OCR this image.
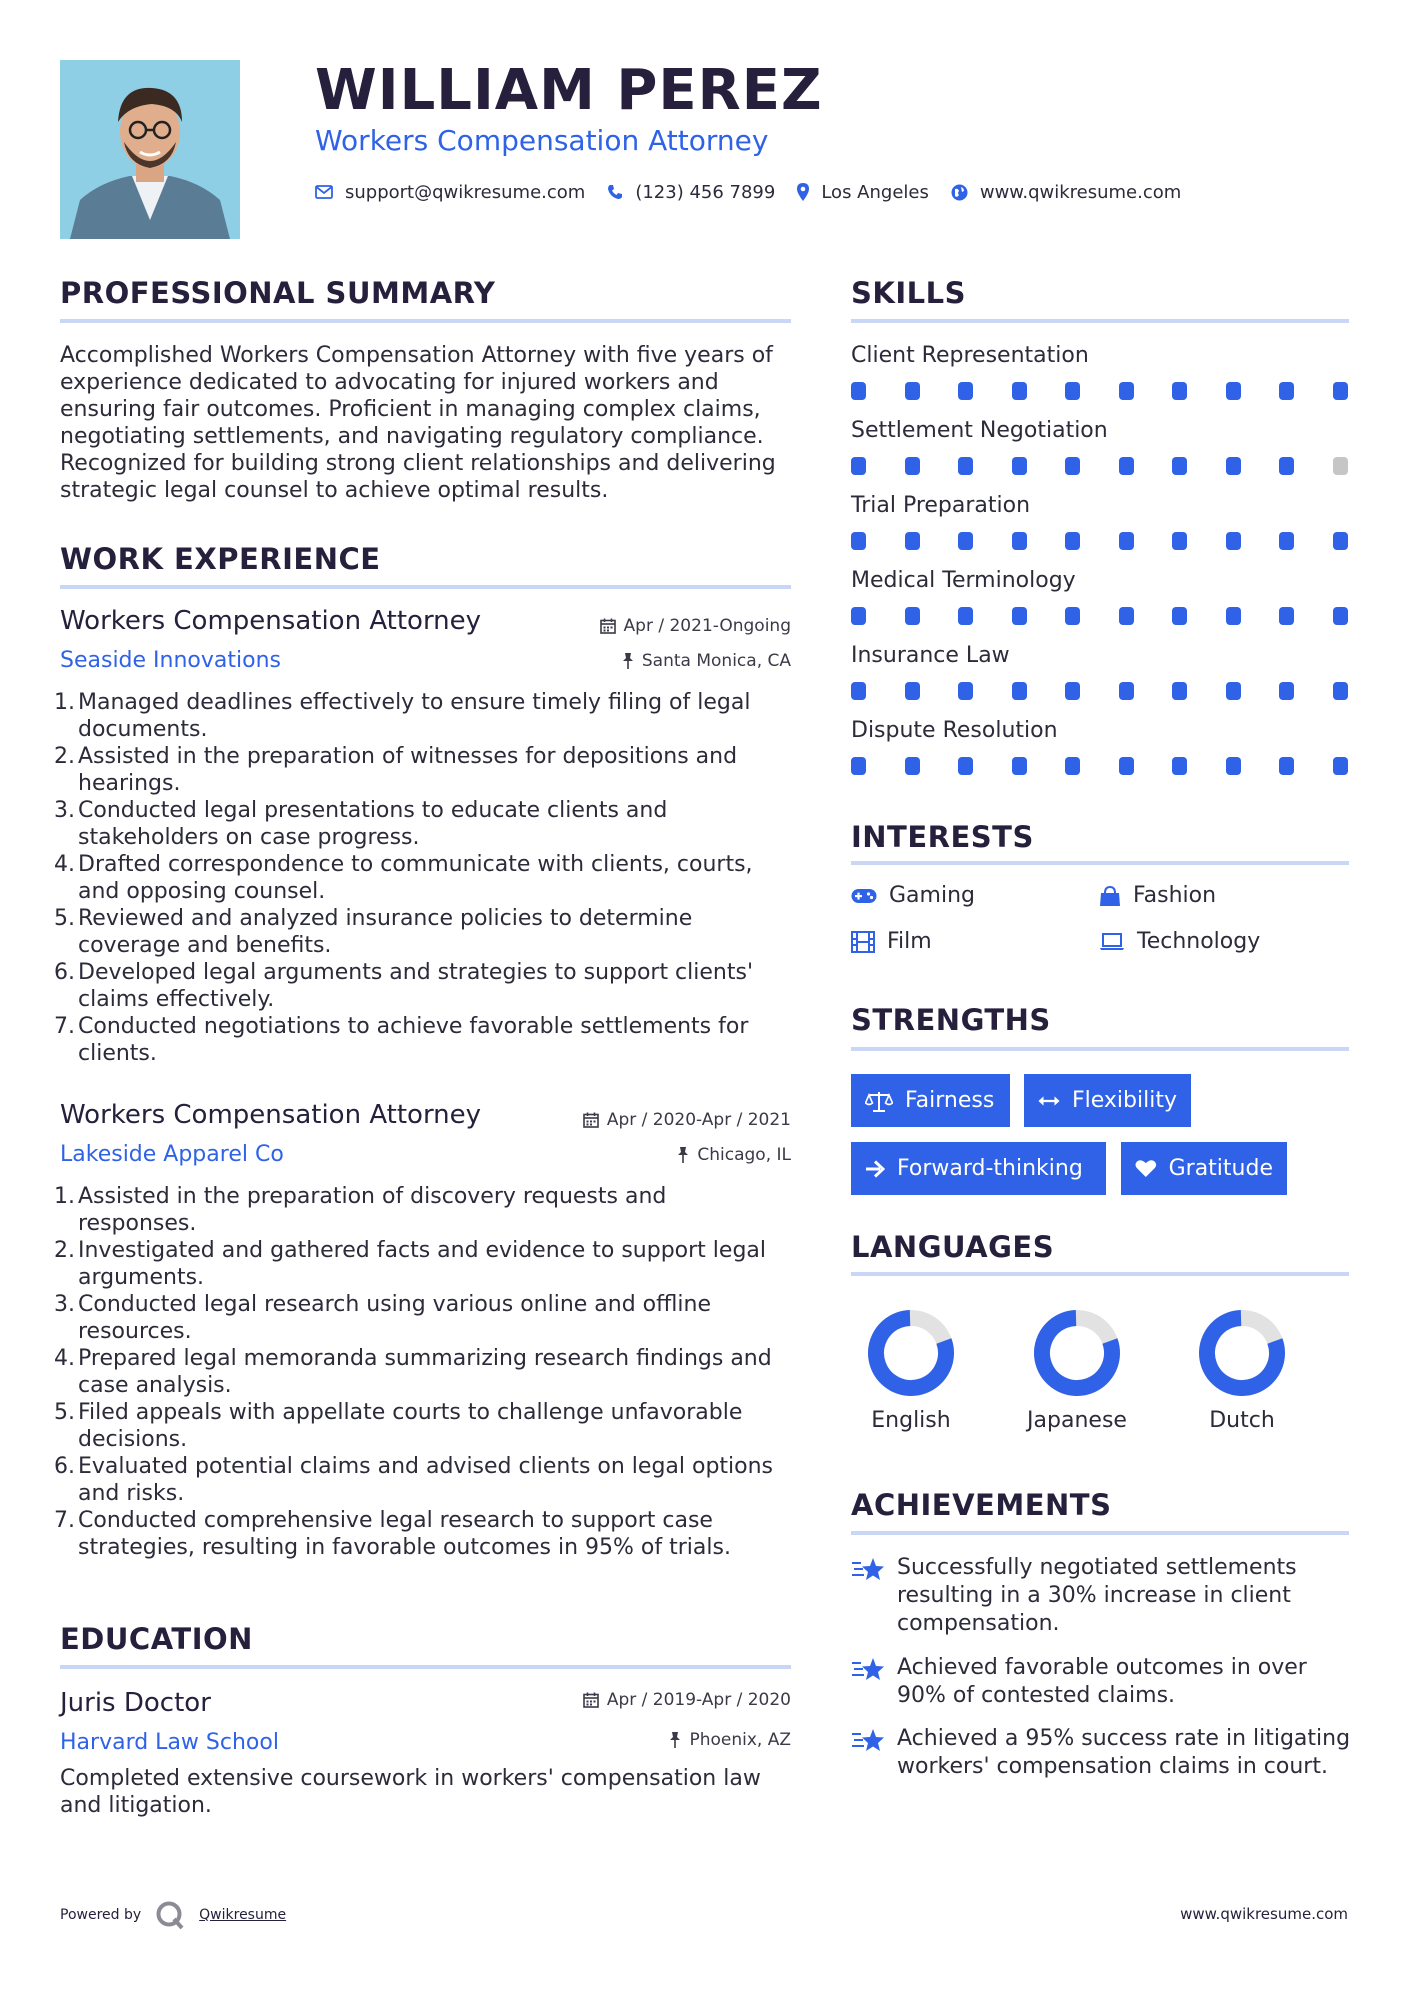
WILLIAM PEREZ
Workers Compensation Attorney
support@qwikresume.com	(123) 456 7899	Los Angeles	www.qwikresume.com
PROFESSIONAL SUMMARY
Accomplished Workers Compensation Attorney with five years of experience dedicated to advocating for injured workers and ensuring fair outcomes. Proficient in managing complex claims, negotiating settlements, and navigating regulatory compliance. Recognized for building strong client relationships and delivering strategic legal counsel to achieve optimal results.
WORK EXPERIENCE
Workers Compensation Attorney	Apr / 2021-Ongoing
Seaside Innovations	Santa Monica, CA
1. Managed deadlines effectively to ensure timely filing of legal documents.
2. Assisted in the preparation of witnesses for depositions and hearings.
3. Conducted legal presentations to educate clients and stakeholders on case progress.
4. Drafted correspondence to communicate with clients, courts, and opposing counsel.
5. Reviewed and analyzed insurance policies to determine coverage and benefits.
6. Developed legal arguments and strategies to support clients' claims effectively.
7. Conducted negotiations to achieve favorable settlements for clients.
Workers Compensation Attorney	Apr / 2020-Apr / 2021
Lakeside Apparel Co	Chicago, IL
1. Assisted in the preparation of discovery requests and responses.
2. Investigated and gathered facts and evidence to support legal arguments.
3. Conducted legal research using various online and offline resources.
4. Prepared legal memoranda summarizing research findings and case analysis.
5. Filed appeals with appellate courts to challenge unfavorable decisions.
6. Evaluated potential claims and advised clients on legal options and risks.
7. Conducted comprehensive legal research to support case strategies, resulting in favorable outcomes in 95% of trials.
EDUCATION
Juris Doctor	Apr / 2019-Apr / 2020
Harvard Law School	Phoenix, AZ
Completed extensive coursework in workers' compensation law and litigation.
SKILLS
Client Representation
Settlement Negotiation
Trial Preparation
Medical Terminology
Insurance Law
Dispute Resolution
INTERESTS
Gaming	Fashion
Film	Technology
STRENGTHS
Fairness	Flexibility
Forward-thinking	Gratitude
LANGUAGES
English	Japanese	Dutch
ACHIEVEMENTS
Successfully negotiated settlements resulting in a 30% increase in client compensation.
Achieved favorable outcomes in over 90% of contested claims.
Achieved a 95% success rate in litigating workers' compensation claims in court.
Powered by	Qwikresume	www.qwikresume.com
